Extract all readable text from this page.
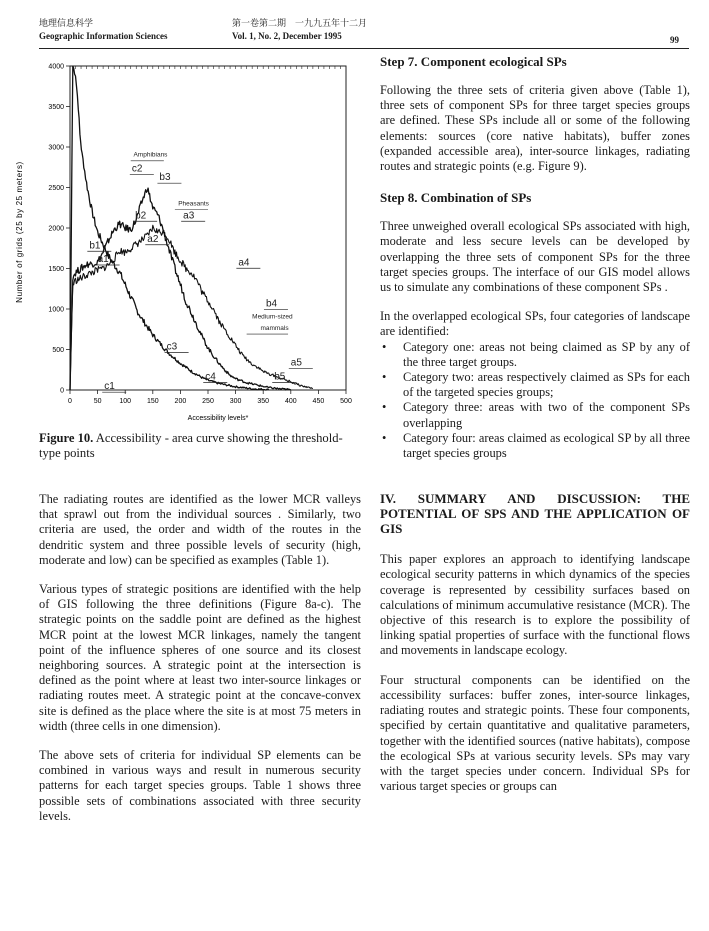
地理信息科学
Geographic Information Sciences
第一卷第二期　一九九五年十二月
Vol. 1, No. 2, December 1995	99
0	50	100 150 200 250 300 350 400 450 500
0
500
1000
1500
2000
2500
3000
3500
4000
c1
c2
c3
c4
b1
b2
b3
b4
b5
a1
a2
a3
a4
a5
Amphibians
Pheasants
Medium-sized
mammals
Number of grids (25 by 25 meters)
Accessibility levels*
Figure 10. Accessibility - area curve showing the threshold-type points

The radiating routes are identified as the lower MCR valleys that sprawl out from the individual sources . Similarly, two criteria are used, the order and width of the routes in the dendritic system and three possible levels of security (high, moderate and low) can be specified as examples (Table 1).

Various types of strategic positions are identified with the help of GIS following the three definitions (Figure 8a-c). The strategic points on the saddle point are defined as the highest MCR point at the lowest MCR linkages, namely the tangent point of the influence spheres of one source and its closest neighboring sources. A strategic point at the intersection is defined as the point where at least two inter-source linkages or radiating routes meet. A strategic point at the concave-convex site is defined as the place where the site is at most 75 meters in width (three cells in one dimension).

The above sets of criteria for individual SP elements can be combined in various ways and result in numerous security patterns for each target species groups. Table 1 shows three possible sets of combinations associated with three security levels.

Step 7. Component ecological SPs

Following the three sets of criteria given above (Table 1), three sets of component SPs for three target species groups are defined. These SPs include all or some of the following elements: sources (core native habitats), buffer zones (expanded accessible area), inter-source linkages, radiating routes and strategic points (e.g. Figure 9).

Step 8. Combination of SPs

Three unweighed overall ecological SPs associated with high, moderate and less secure levels can be developed by overlapping the three sets of component SPs for the three target species groups. The interface of our GIS model allows us to simulate any combinations of these component SPs .

In the overlapped ecological SPs, four categories of landscape are identified:

• Category one: areas not being claimed as SP by any of the three target groups.
• Category two: areas respectively claimed as SPs for each of the targeted species groups;
• Category three: areas with two of the component SPs overlapping
• Category four: areas claimed as ecological SP by all three target species groups

IV. SUMMARY AND DISCUSSION: THE POTENTIAL OF SPS AND THE APPLICATION OF GIS

This paper explores an approach to identifying landscape ecological security patterns in which dynamics of the species coverage is represented by cessibility surfaces based on calculations of minimum accumulative resistance (MCR). The objective of this research is to explore the possibility of linking spatial properties of surface with the functional flows and movements in landscape ecology.

Four structural components can be identified on the accessibility surfaces: buffer zones, inter-source linkages, radiating routes and strategic points. These four components, specified by certain quantitative and qualitative parameters, together with the identified sources (native habitats), compose the ecological SPs at various security levels. SPs may vary with the target species under concern. Individual SPs for various target species or groups can
